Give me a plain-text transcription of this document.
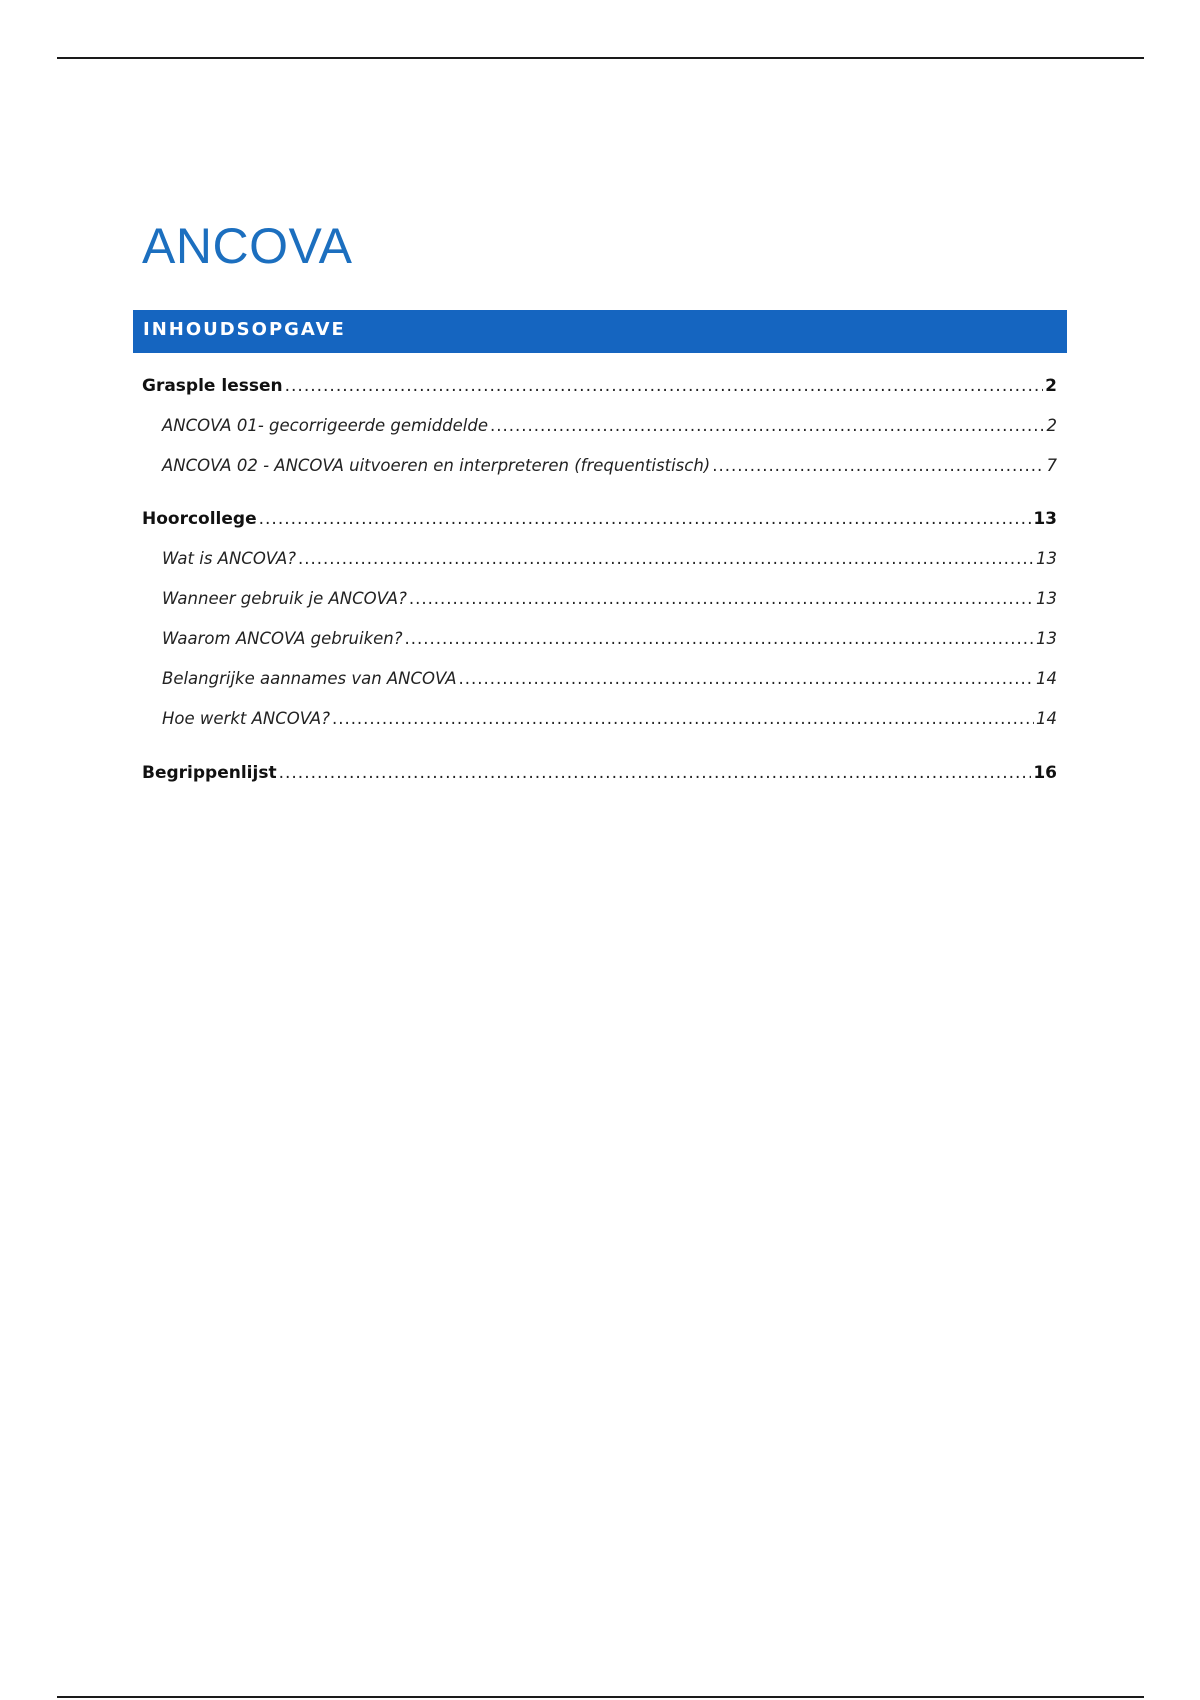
ANCOVA
INHOUDSOPGAVE
Grasple lessen .....	2
ANCOVA 01- gecorrigeerde gemiddelde .....	2
ANCOVA 02 - ANCOVA uitvoeren en interpreteren (frequentistisch) .....	7
Hoorcollege .....	13
Wat is ANCOVA? .....	13
Wanneer gebruik je ANCOVA? .....	13
Waarom ANCOVA gebruiken? .....	13
Belangrijke aannames van ANCOVA .....	14
Hoe werkt ANCOVA? .....	14
Begrippenlijst .....	16
